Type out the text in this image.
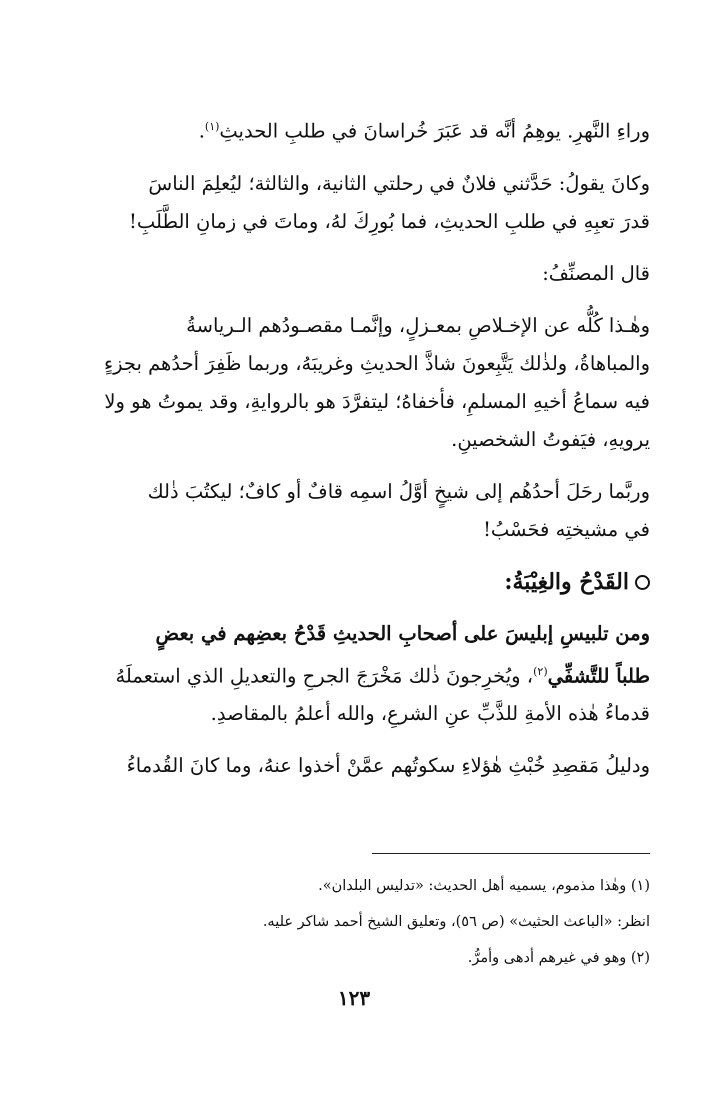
وراءِ النَّهرِ. يوهِمُ أنَّه قد عَبَرَ خُراسانَ في طلبِ الحديثِ$^{(١)}$.

وكانَ يقولُ: حَدَّثني فلانٌ في رحلتي الثانية، والثالثة؛ ليُعلِمَ الناسَ
قدرَ تعبِهِ في طلبِ الحديثِ، فما بُورِكَ لهُ، وماتَ في زمانِ الطَّلَبِ!

قال المصنِّفُ:

وهٰـذا كُلُّه عن الإخـلاصِ بمعـزلٍ، وإنَّمـا مقصـودُهم الـرياسةُ
والمباهاةُ، ولذٰلك يَتَّبِعونَ شاذَّ الحديثِ وغريبَهُ، وربما ظَفِرَ أحدُهم بجزءٍ
فيه سماعُ أخيهِ المسلمِ، فأخفاهُ؛ ليتفرَّدَ هو بالروايةِ، وقد يموتُ هو ولا
يرويهِ، فيَفوتُ الشخصينِ.

وربَّما رحَلَ أحدُهُم إلى شيخٍ أوَّلُ اسمِه قافٌ أو كافٌ؛ ليكتُبَ ذٰلك
في مشيختِه فحَسْبُ!

القَدْحُ والغِيْبَةُ:

ومن تلبيسِ إبليسَ على أصحابِ الحديثِ قَدْحُ بعضِهم في بعضٍ
طلباً للتَّشفِّي$^{(٢)}$، ويُخرِجونَ ذٰلك مَخْرَجَ الجرحِ والتعديلِ الذي استعملَهُ
قدماءُ هٰذه الأمةِ للذَّبِّ عنِ الشرعِ، والله أعلمُ بالمقاصدِ.

ودليلُ مَقصِدِ خُبْثِ هٰؤلاءِ سكوتُهم عمَّنْ أخذوا عنهُ، وما كانَ القُدماءُ

(١) وهٰذا مذموم، يسميه أهل الحديث: «تدليس البلدان».
انظر: «الباعث الحثيث» (ص ٥٦)، وتعليق الشيخ أحمد شاكر عليه.
(٢) وهو في غيرهم أدهى وأمرُّ.
١٢٣
